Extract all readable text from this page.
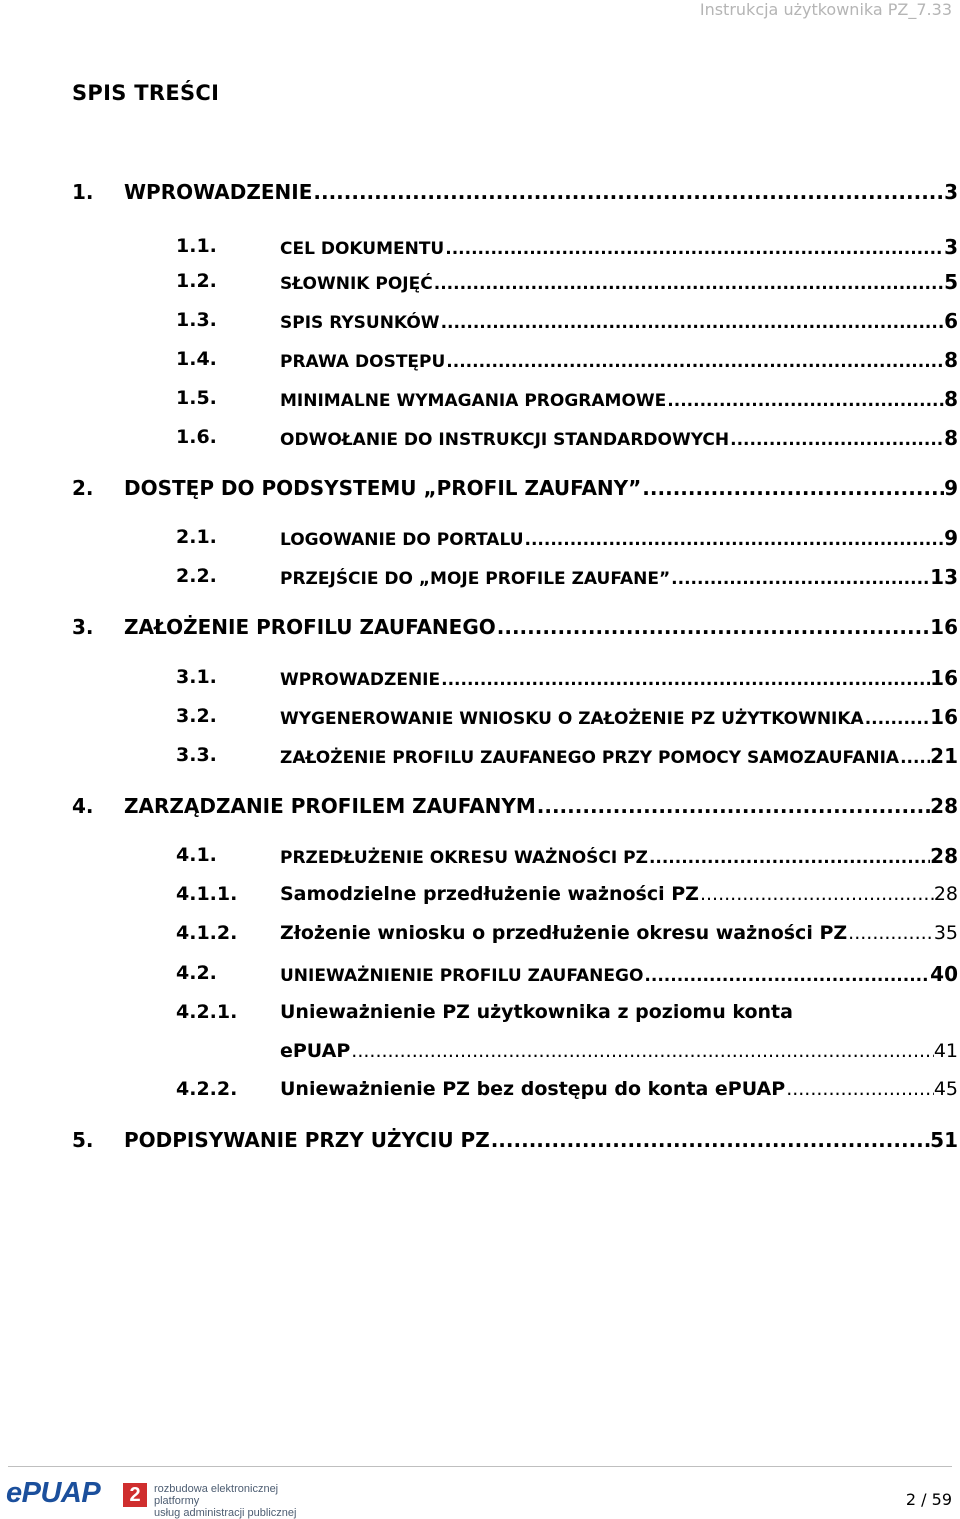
Instrukcja użytkownika PZ_7.33
SPIS TREŚCI
1. WPROWADZENIE .....	3
1.1.	CEL DOKUMENTU .....	3
1.2.	SŁOWNIK POJĘĆ .....	5
1.3.	SPIS RYSUNKÓW .....	6
1.4.	PRAWA DOSTĘPU .....	8
1.5.	MINIMALNE WYMAGANIA PROGRAMOWE .....	8
1.6.	ODWOŁANIE DO INSTRUKCJI STANDARDOWYCH .....	8
2. DOSTĘP DO PODSYSTEMU „PROFIL ZAUFANY” .....	9
2.1.	LOGOWANIE DO PORTALU .....	9
2.2.	PRZEJŚCIE DO „MOJE PROFILE ZAUFANE” .....	13
3. ZAŁOŻENIE PROFILU ZAUFANEGO .....	16
3.1.	WPROWADZENIE .....	16
3.2.	WYGENEROWANIE WNIOSKU O ZAŁOŻENIE PZ UŻYTKOWNIKA .....	16
3.3.	ZAŁOŻENIE PROFILU ZAUFANEGO PRZY POMOCY SAMOZAUFANIA ..... 21
4. ZARZĄDZANIE PROFILEM ZAUFANYM .....	28
4.1.	PRZEDŁUŻENIE OKRESU WAŻNOŚCI PZ .....	28
4.1.1. Samodzielne przedłużenie ważności PZ .....	28
4.1.2. Złożenie wniosku o przedłużenie okresu ważności PZ .....	35
4.2.	UNIEWAŻNIENIE PROFILU ZAUFANEGO .....	40
4.2.1. Unieważnienie PZ użytkownika z poziomu konta
ePUAP .....	41
4.2.2. Unieważnienie PZ bez dostępu do konta ePUAP .....	45
5. PODPISYWANIE PRZY UŻYCIU PZ .....	51
ePUAP	2	rozbudowa elektronicznej platformy
usług administracji publicznej
2 / 59
